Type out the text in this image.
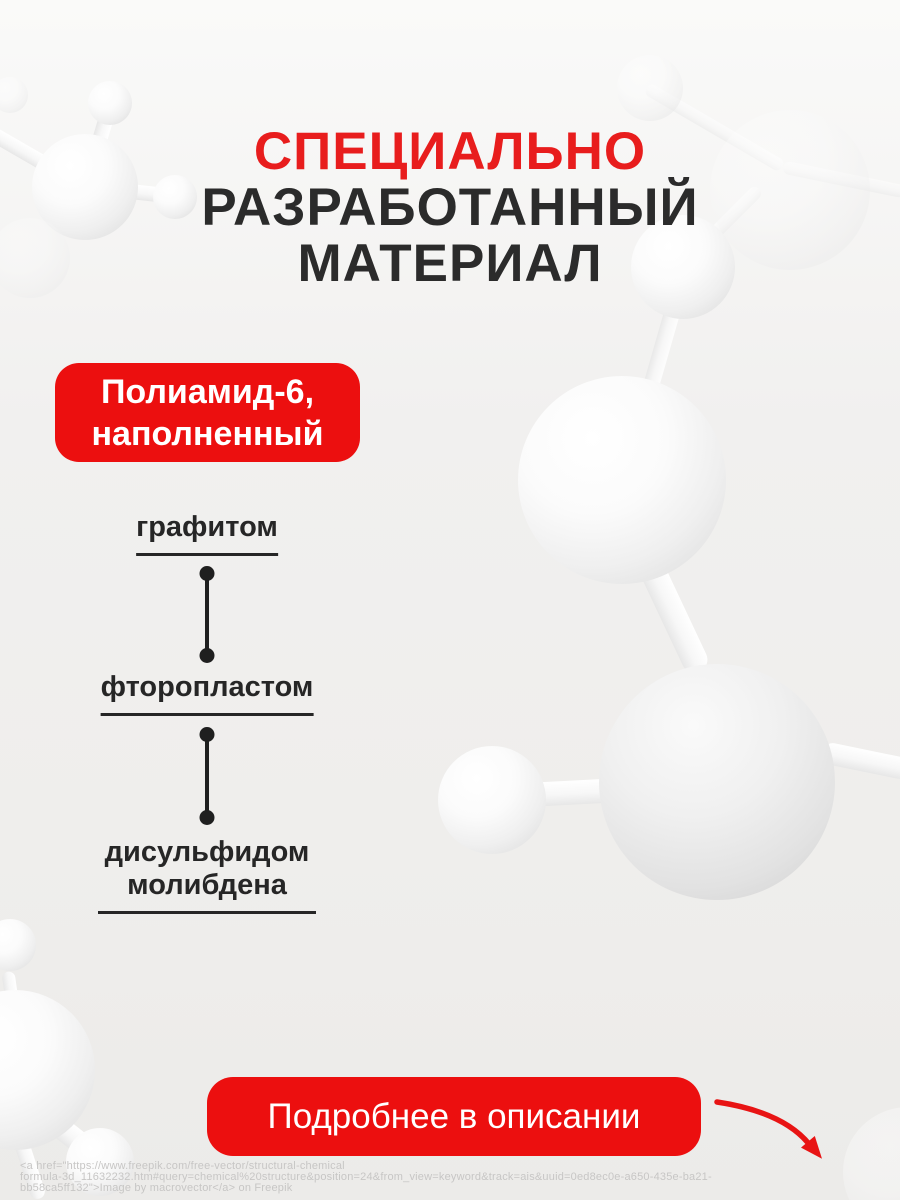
СПЕЦИАЛЬНО
РАЗРАБОТАННЫЙ
МАТЕРИАЛ
Полиамид-6,
наполненный
графитом
фторопластом
дисульфидом молибдена
Подробнее в описании
<a href="https://www.freepik.com/free-vector/structural-chemical
formula-3d_11632232.htm#query=chemical%20structure&position=24&from_view=keyword&track=ais&uuid=0ed8ec0e-a650-435e-ba21-
bb58ca5ff132">Image by macrovector</a> on Freepik
